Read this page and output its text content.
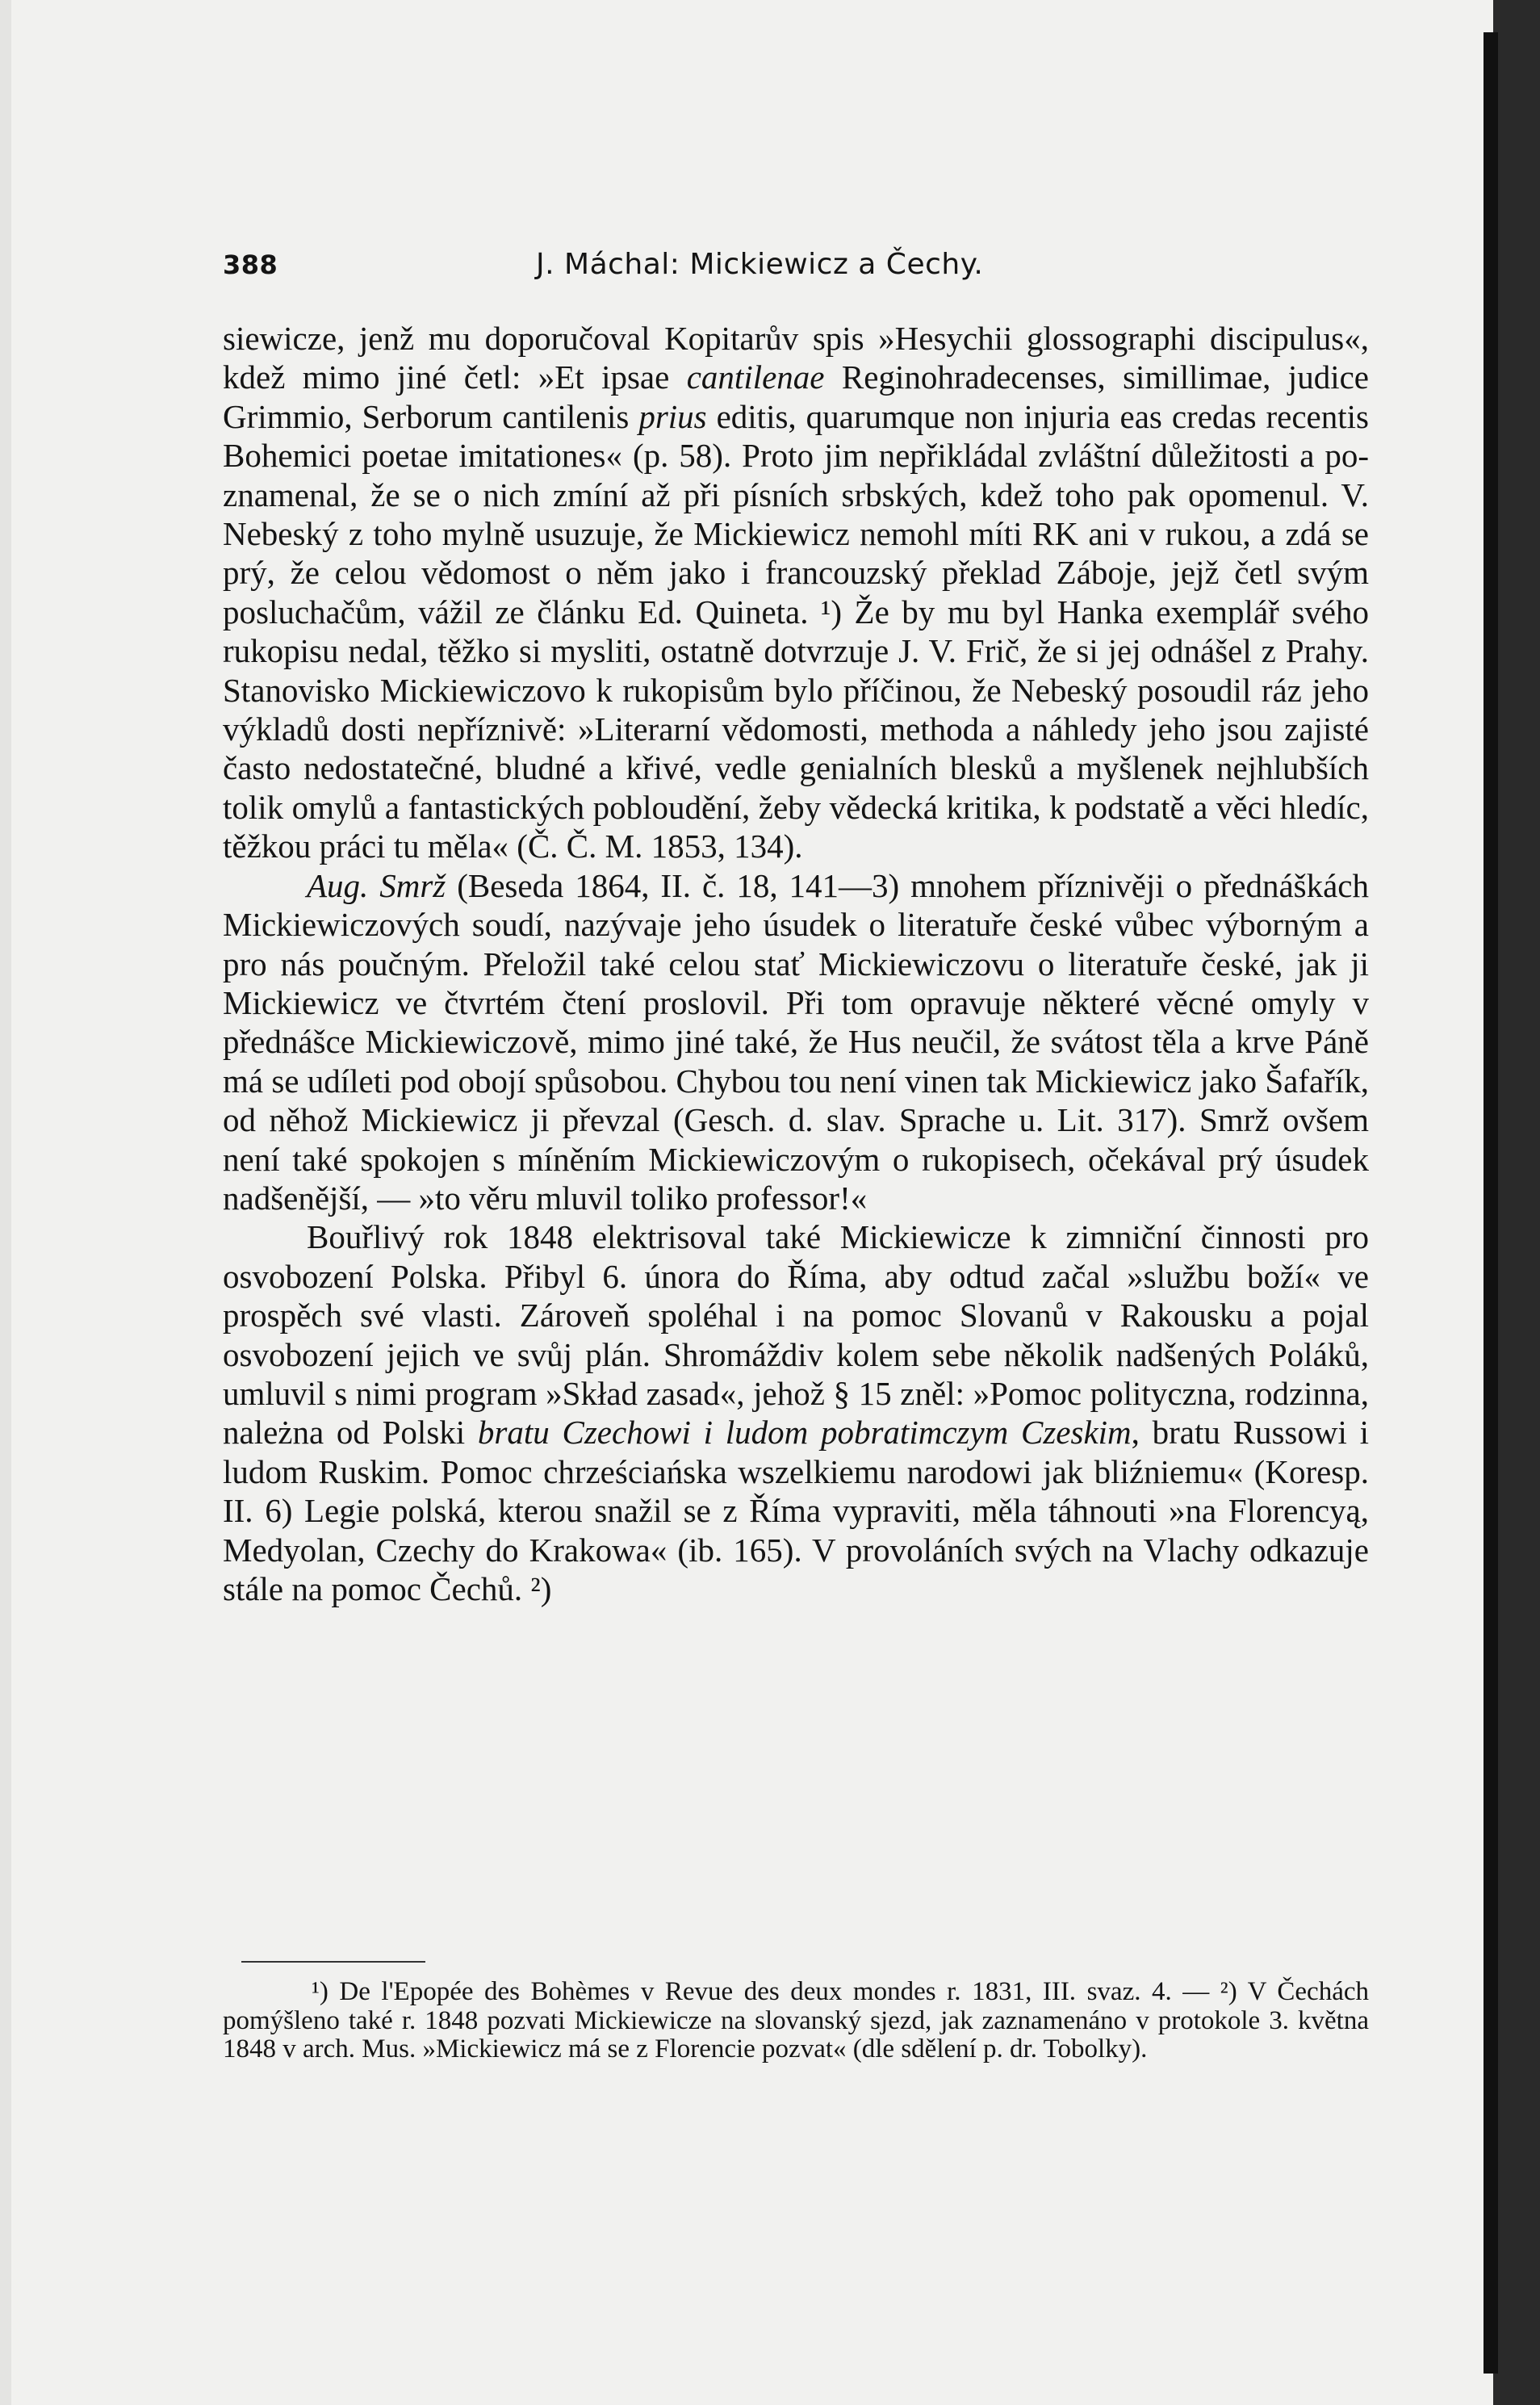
388	J. Máchal: Mickiewicz a Čechy.

siewicze, jenž mu doporučoval Kopitarův spis »Hesychii glossographi discipulus«, kdež mimo jiné četl: »Et ipsae cantilenae Reginohradecenses, simillimae, judice Grimmio, Serborum cantilenis prius editis, quarumque non injuria eas credas recentis Bohemici poetae imitationes« (p. 58). Proto jim nepřikládal zvláštní důležitosti a poznamenal, že se o nich zmíní až při písních srbských, kdež toho pak opomenul. V. Nebeský z toho mylně usuzuje, že Mickiewicz nemohl míti RK ani v rukou, a zdá se prý, že celou vědomost o něm jako i francouzský překlad Záboje, jejž četl svým posluchačům, vážil ze článku Ed. Quineta. ¹) Že by mu byl Hanka exemplář svého rukopisu nedal, těžko si mysliti, ostatně dotvrzuje J. V. Frič, že si jej odnášel z Prahy. Stanovisko Mickiewiczovo k rukopisům bylo příčinou, že Nebeský posoudil ráz jeho výkladů dosti nepříznivě: »Literarní vědomosti, methoda a náhledy jeho jsou zajisté často nedostatečné, bludné a křivé, vedle genialních blesků a myšlenek nejhlubších tolik omylů a fantastických pobloudění, žeby vědecká kritika, k podstatě a věci hledíc, těžkou práci tu měla« (Č. Č. M. 1853, 134).

Aug. Smrž (Beseda 1864, II. č. 18, 141—3) mnohem příznivěji o přednáškách Mickiewiczových soudí, nazývaje jeho úsudek o literatuře české vůbec výborným a pro nás poučným. Přeložil také celou stať Mickiewiczovu o literatuře české, jak ji Mickiewicz ve čtvrtém čtení proslovil. Při tom opravuje některé věcné omyly v přednášce Mickiewiczově, mimo jiné také, že Hus neučil, že svátost těla a krve Páně má se udíleti pod obojí spůsobou. Chybou tou není vinen tak Mickiewicz jako Šafařík, od něhož Mickiewicz ji převzal (Gesch. d. slav. Sprache u. Lit. 317). Smrž ovšem není také spokojen s míněním Mickiewiczovým o rukopisech, očekával prý úsudek nadšenější, — »to věru mluvil toliko professor!«

Bouřlivý rok 1848 elektrisoval také Mickiewicze k zimniční činnosti pro osvobození Polska. Přibyl 6. února do Říma, aby odtud začal »službu boží« ve prospěch své vlasti. Zároveň spoléhal i na pomoc Slovanů v Rakousku a pojal osvobození jejich ve svůj plán. Shromáždiv kolem sebe několik nadšených Poláků, umluvil s nimi program »Skład zasad«, jehož § 15 zněl: »Pomoc polityczna, rodzinna, należna od Polski bratu Czechowi i ludom pobratimczym Czeskim, bratu Russowi i ludom Ruskim. Pomoc chrześciańska wszelkiemu narodowi jak bliźniemu« (Koresp. II. 6) Legie polská, kterou snažil se z Říma vypraviti, měla táhnouti »na Florencyą, Medyolan, Czechy do Krakowa« (ib. 165). V provoláních svých na Vlachy odkazuje stále na pomoc Čechů. ²)

¹) De l'Epopée des Bohèmes v Revue des deux mondes r. 1831, III. svaz. 4. — ²) V Čechách pomýšleno také r. 1848 pozvati Mickiewicze na slovanský sjezd, jak zaznamenáno v protokole 3. května 1848 v arch. Mus. »Mickiewicz má se z Florencie pozvat« (dle sdělení p. dr. Tobolky).
